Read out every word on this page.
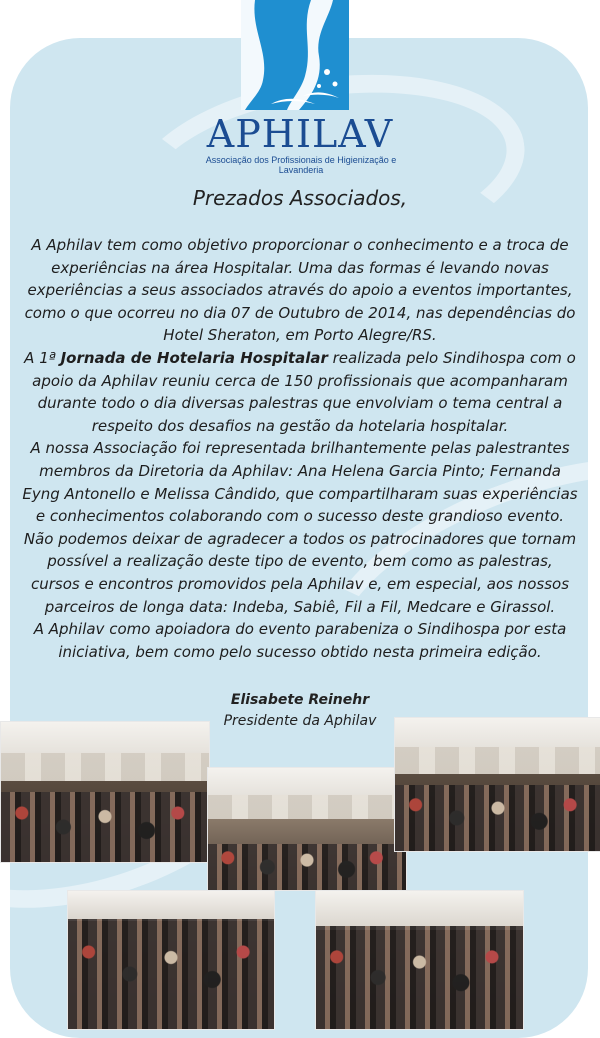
APHILAV
Associação dos Profissionais de Higienização e Lavanderia
Prezados Associados,

A Aphilav tem como objetivo proporcionar o conhecimento e a troca de experiências na área Hospitalar. Uma das formas é levando novas experiências a seus associados através do apoio a eventos importantes, como o que ocorreu no dia 07 de Outubro de 2014, nas dependências do Hotel Sheraton, em Porto Alegre/RS.

A 1ª Jornada de Hotelaria Hospitalar realizada pelo Sindihospa com o apoio da Aphilav reuniu cerca de 150 profissionais que acompanharam durante todo o dia diversas palestras que envolviam o tema central a respeito dos desafios na gestão da hotelaria hospitalar.

A nossa Associação foi representada brilhantemente pelas palestrantes membros da Diretoria da Aphilav: Ana Helena Garcia Pinto; Fernanda Eyng Antonello e Melissa Cândido, que compartilharam suas experiências e conhecimentos colaborando com o sucesso deste grandioso evento.

Não podemos deixar de agradecer a todos os patrocinadores que tornam possível a realização deste tipo de evento, bem como as palestras, cursos e encontros promovidos pela Aphilav e, em especial, aos nossos parceiros de longa data: Indeba, Sabiê, Fil a Fil, Medcare e Girassol.

A Aphilav como apoiadora do evento parabeniza o Sindihospa por esta iniciativa, bem como pelo sucesso obtido nesta primeira edição.

Elisabete Reinehr
Presidente da Aphilav
